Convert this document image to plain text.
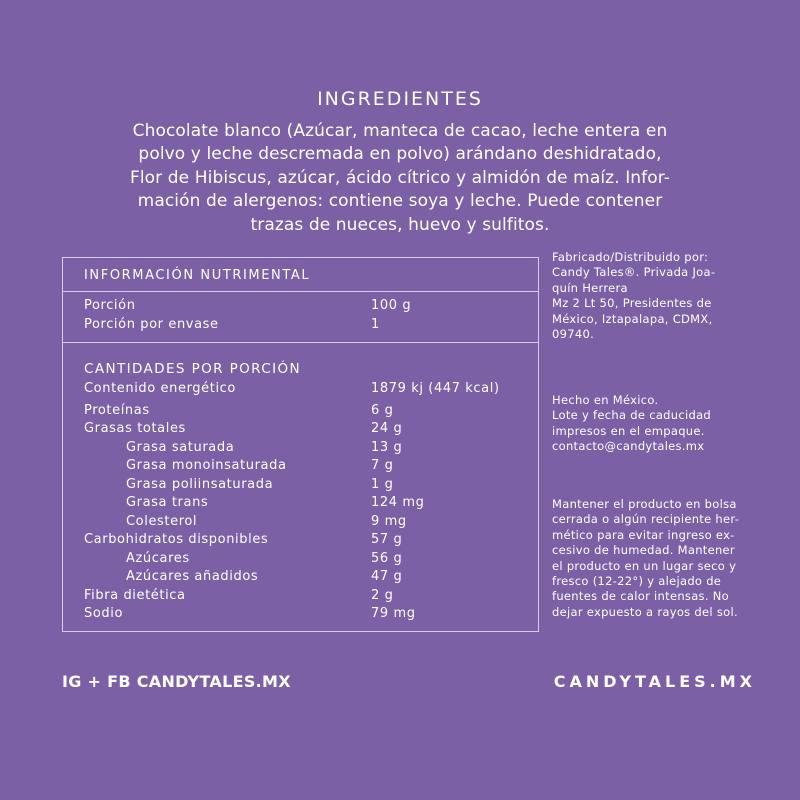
INGREDIENTES
Chocolate blanco (Azúcar, manteca de cacao, leche entera en
polvo y leche descremada en polvo) arándano deshidratado,
Flor de Hibiscus, azúcar, ácido cítrico y almidón de maíz. Infor-
mación de alergenos: contiene soya y leche. Puede contener
trazas de nueces, huevo y sulfitos.
INFORMACIÓN NUTRIMENTAL
Porción	100 g
Porción por envase	1
CANTIDADES POR PORCIÓN
Contenido energético	1879 kj (447 kcal)
Proteínas	6 g
Grasas totales	24 g
Grasa saturada	13 g
Grasa monoinsaturada	7 g
Grasa poliinsaturada	1 g
Grasa trans	124 mg
Colesterol	9 mg
Carbohidratos disponibles	57 g
Azúcares	56 g
Azúcares añadidos	47 g
Fibra dietética	2 g
Sodio	79 mg
Fabricado/Distribuido por:
Candy Tales®. Privada Joa-
quín Herrera
Mz 2 Lt 50, Presidentes de
México, Iztapalapa, CDMX,
09740.
Hecho en México.
Lote y fecha de caducidad
impresos en el empaque.
contacto@candytales.mx
Mantener el producto en bolsa
cerrada o algún recipiente her-
mético para evitar ingreso ex-
cesivo de humedad. Mantener
el producto en un lugar seco y
fresco (12-22°) y alejado de
fuentes de calor intensas. No
dejar expuesto a rayos del sol.
IG + FB CANDYTALES.MX	CANDYTALES.MX
